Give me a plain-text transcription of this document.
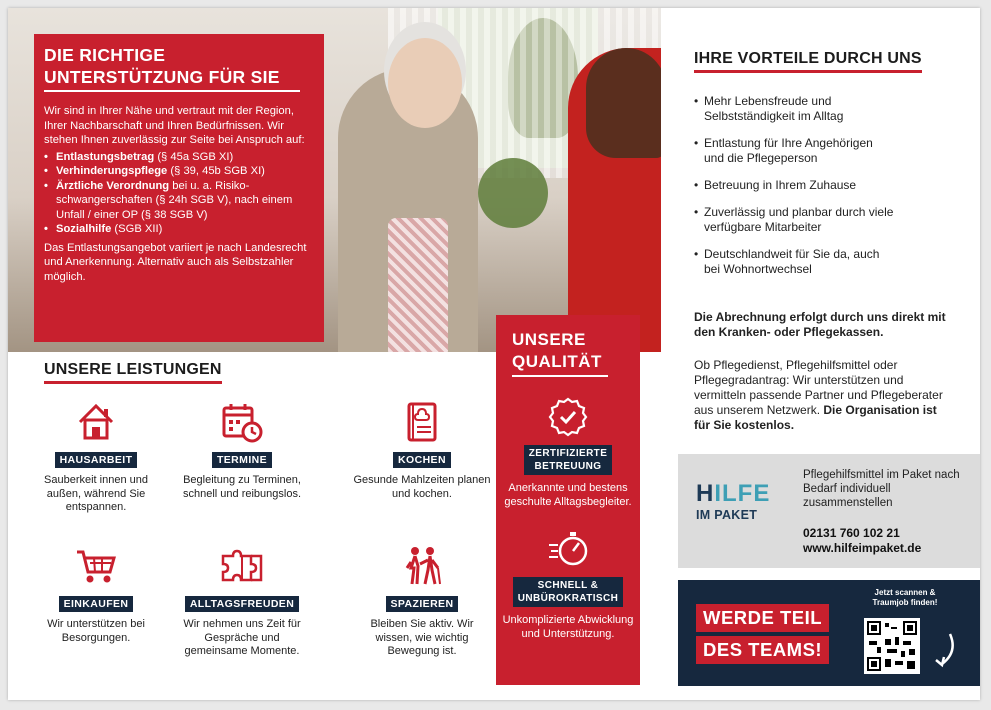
DIE RICHTIGE
UNTERSTÜTZUNG FÜR SIE

Wir sind in Ihrer Nähe und vertraut mit der Region, Ihrer Nachbarschaft und Ihren Bedürfnissen. Wir stehen Ihnen zuverlässig zur Seite bei Anspruch auf:

• Entlastungsbetrag (§ 45a SGB XI)
• Verhinderungspflege (§ 39, 45b SGB XI)
• Ärztliche Verordnung bei u. a. Risikoschwangerschaften (§ 24h SGB V), nach einem Unfall / einer OP (§ 38 SGB V)
• Sozialhilfe (SGB XII)

Das Entlastungsangebot variiert je nach Landesrecht und Anerkennung. Alternativ auch als Selbstzahler möglich.

UNSERE LEISTUNGEN
HAUSARBEIT
Sauberkeit innen und außen, während Sie entspannen.
TERMINE
Begleitung zu Terminen, schnell und reibungslos.
KOCHEN
Gesunde Mahlzeiten planen und kochen.
EINKAUFEN
Wir unterstützen bei Besorgungen.
ALLTAGSFREUDEN
Wir nehmen uns Zeit für Gespräche und gemeinsame Momente.
SPAZIEREN
Bleiben Sie aktiv. Wir wissen, wie wichtig Bewegung ist.
UNSERE
QUALITÄT
ZERTIFIZIERTE
BETREUUNG
Anerkannte und bestens geschulte Alltagsbegleiter.
SCHNELL &
UNBÜROKRATISCH
Unkomplizierte Abwicklung und Unterstützung.
IHRE VORTEILE DURCH UNS
• Mehr Lebensfreude und Selbstständigkeit im Alltag
• Entlastung für Ihre Angehörigen und die Pflegeperson
• Betreuung in Ihrem Zuhause
• Zuverlässig und planbar durch viele verfügbare Mitarbeiter
• Deutschlandweit für Sie da, auch bei Wohnortwechsel
Die Abrechnung erfolgt durch uns direkt mit den Kranken- oder Pflegekassen.
Ob Pflegedienst, Pflegehilfsmittel oder Pflegegradantrag: Wir unterstützen und vermitteln passende Partner und Pflegeberater aus unserem Netzwerk. Die Organisation ist für Sie kostenlos.
HILFE
IM PAKET
Pflegehilfsmittel im Paket nach Bedarf individuell zusammenstellen
02131 760 102 21
www.hilfeimpaket.de
WERDE TEIL
DES TEAMS!
Jetzt scannen & Traumjob finden!
